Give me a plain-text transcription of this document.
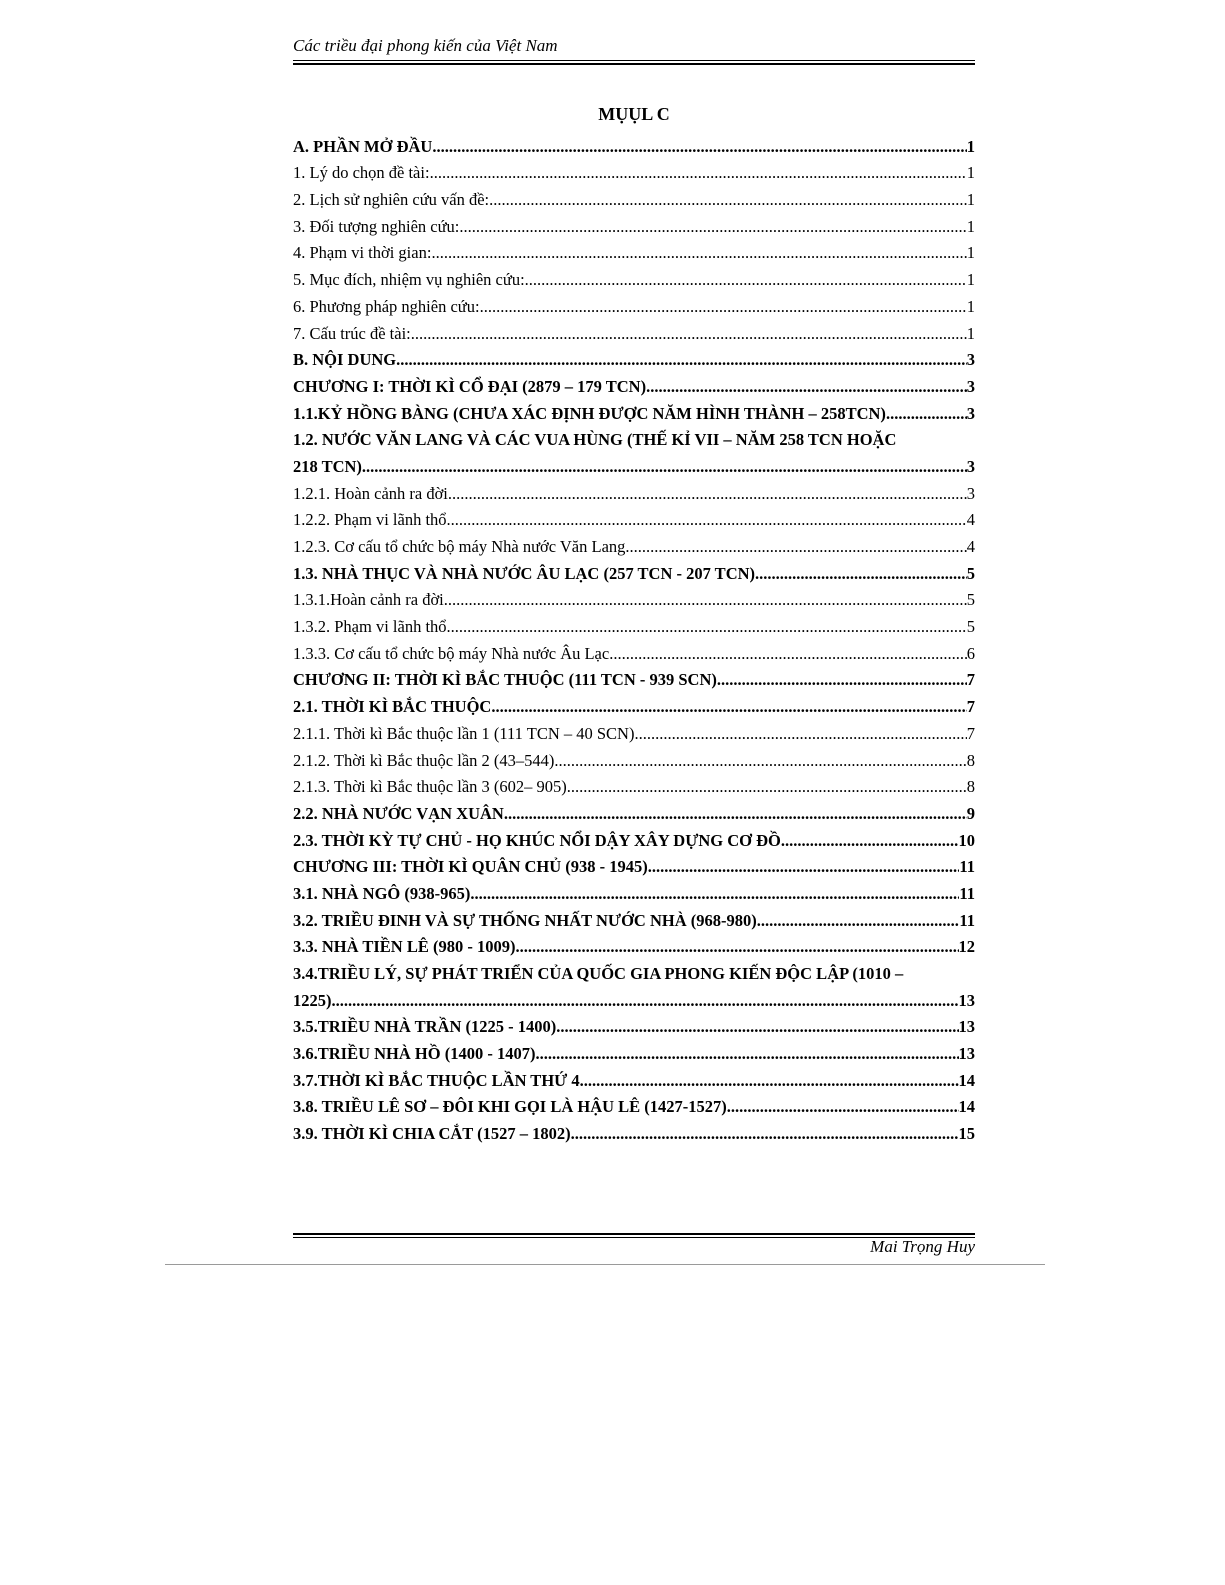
Các triều đại phong kiến của Việt Nam
MỤỤL C
A. PHẦN MỞ ĐẦU .....	1
1. Lý do chọn đề tài: .....	1
2. Lịch sử nghiên cứu vấn đề: .....	1
3. Đối tượng nghiên cứu: .....	1
4. Phạm vi thời gian: .....	1
5. Mục đích, nhiệm vụ nghiên cứu: .....	1
6. Phương pháp nghiên cứu: .....	1
7. Cấu trúc đề tài: .....	1
B. NỘI DUNG .....	3
CHƯƠNG I: THỜI KÌ CỔ ĐẠI (2879 – 179 TCN) .....	3
1.1.KỶ HỒNG BÀNG (CHƯA XÁC ĐỊNH ĐƯỢC NĂM HÌNH THÀNH – 258TCN) .....	3
1.2. NƯỚC VĂN LANG VÀ CÁC VUA HÙNG (THẾ KỈ VII – NĂM 258 TCN HOẶC
218 TCN) .....	3
1.2.1. Hoàn cảnh ra đời .....	3
1.2.2. Phạm vi lãnh thổ .....	4
1.2.3. Cơ cấu tổ chức bộ máy Nhà nước Văn Lang .....	4
1.3. NHÀ THỤC VÀ NHÀ NƯỚC ÂU LẠC (257 TCN - 207 TCN) .....	5
1.3.1.Hoàn cảnh ra đời .....	5
1.3.2. Phạm vi lãnh thổ .....	5
1.3.3. Cơ cấu tổ chức bộ máy Nhà nước Âu Lạc .....	6
CHƯƠNG II: THỜI KÌ BẮC THUỘC (111 TCN - 939 SCN) .....	7
2.1. THỜI KÌ BẮC THUỘC .....	7
2.1.1. Thời kì Bắc thuộc lần 1 (111 TCN – 40 SCN) .....	7
2.1.2. Thời kì Bắc thuộc lần 2 (43–544) .....	8
2.1.3. Thời kì Bắc thuộc lần 3 (602– 905) .....	8
2.2. NHÀ NƯỚC VẠN XUÂN .....	9
2.3. THỜI KỲ TỰ CHỦ - HỌ KHÚC NỔI DẬY XÂY DỰNG CƠ ĐỒ .....	10
CHƯƠNG III: THỜI KÌ QUÂN CHỦ (938 - 1945) .....	11
3.1. NHÀ NGÔ (938-965) .....	11
3.2. TRIỀU ĐINH VÀ SỰ THỐNG NHẤT NƯỚC NHÀ (968-980) .....	11
3.3. NHÀ TIỀN LÊ (980 - 1009) .....	12
3.4.TRIỀU LÝ, SỰ PHÁT TRIỂN CỦA QUỐC GIA PHONG KIẾN ĐỘC LẬP (1010 –
1225) .....	13
3.5.TRIỀU NHÀ TRẦN (1225 - 1400) .....	13
3.6.TRIỀU NHÀ HỒ (1400 - 1407) .....	13
3.7.THỜI KÌ BẮC THUỘC LẦN THỨ 4 .....	14
3.8. TRIỀU LÊ SƠ – ĐÔI KHI GỌI LÀ HẬU LÊ (1427-1527) .....	14
3.9. THỜI KÌ CHIA CẮT (1527 – 1802) .....	15
Mai Trọng Huy
